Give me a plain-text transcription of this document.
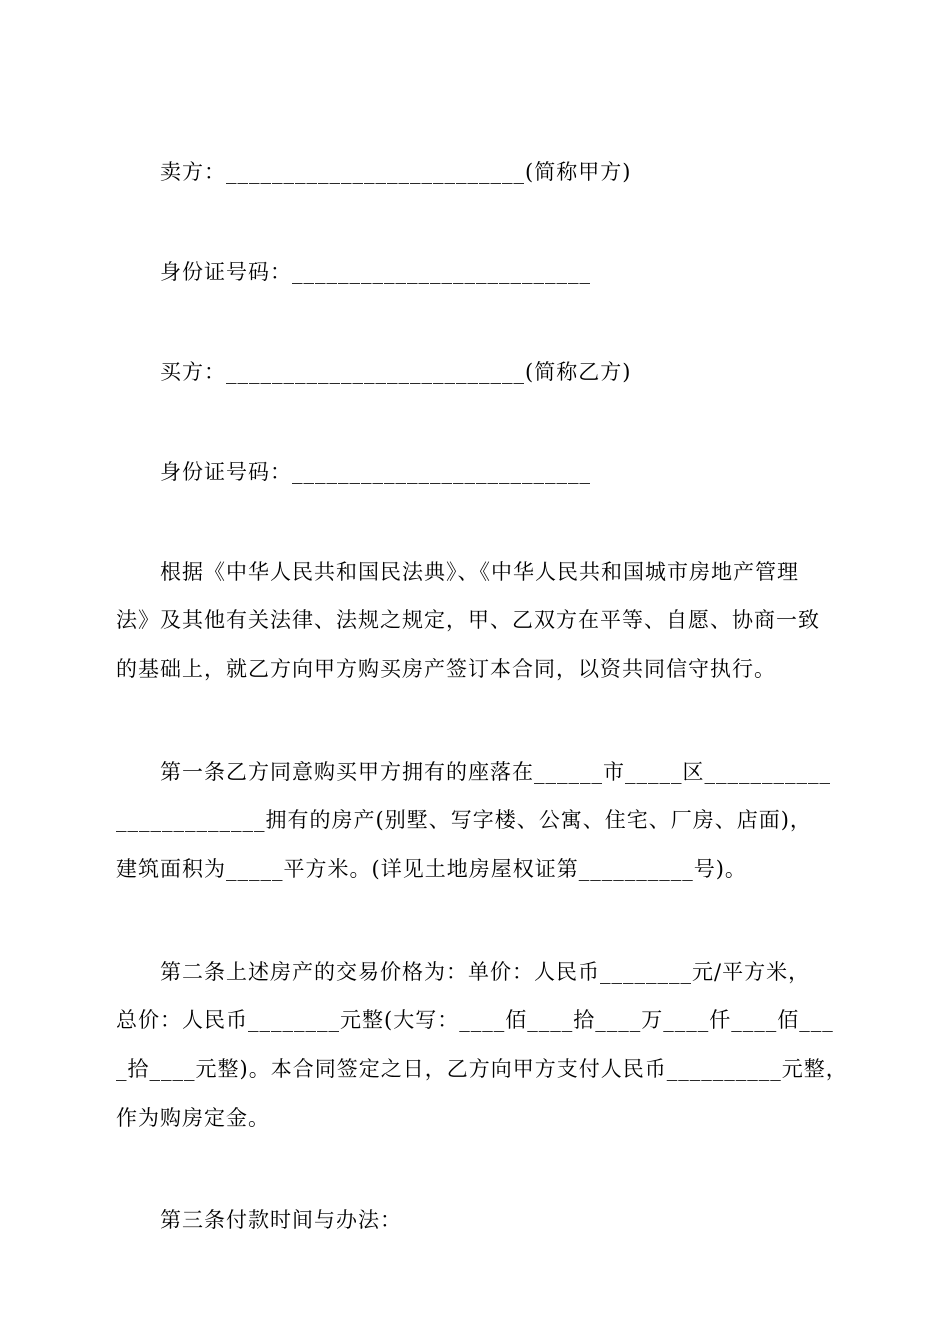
卖方：__________________________(简称甲方)
身份证号码：__________________________
买方：__________________________(简称乙方)
身份证号码：__________________________
根据《中华人民共和国民法典》、《中华人民共和国城市房地产管理
法》及其他有关法律、法规之规定，甲、乙双方在平等、自愿、协商一致
的基础上，就乙方向甲方购买房产签订本合同，以资共同信守执行。
第一条乙方同意购买甲方拥有的座落在______市_____区___________
_____________拥有的房产(别墅、写字楼、公寓、住宅、厂房、店面)，
建筑面积为_____平方米。(详见土地房屋权证第__________号)。
第二条上述房产的交易价格为：单价：人民币________元/平方米，
总价：人民币________元整(大写：____佰____拾____万____仟____佰___
_拾____元整)。本合同签定之日，乙方向甲方支付人民币__________元整，
作为购房定金。
第三条付款时间与办法：
